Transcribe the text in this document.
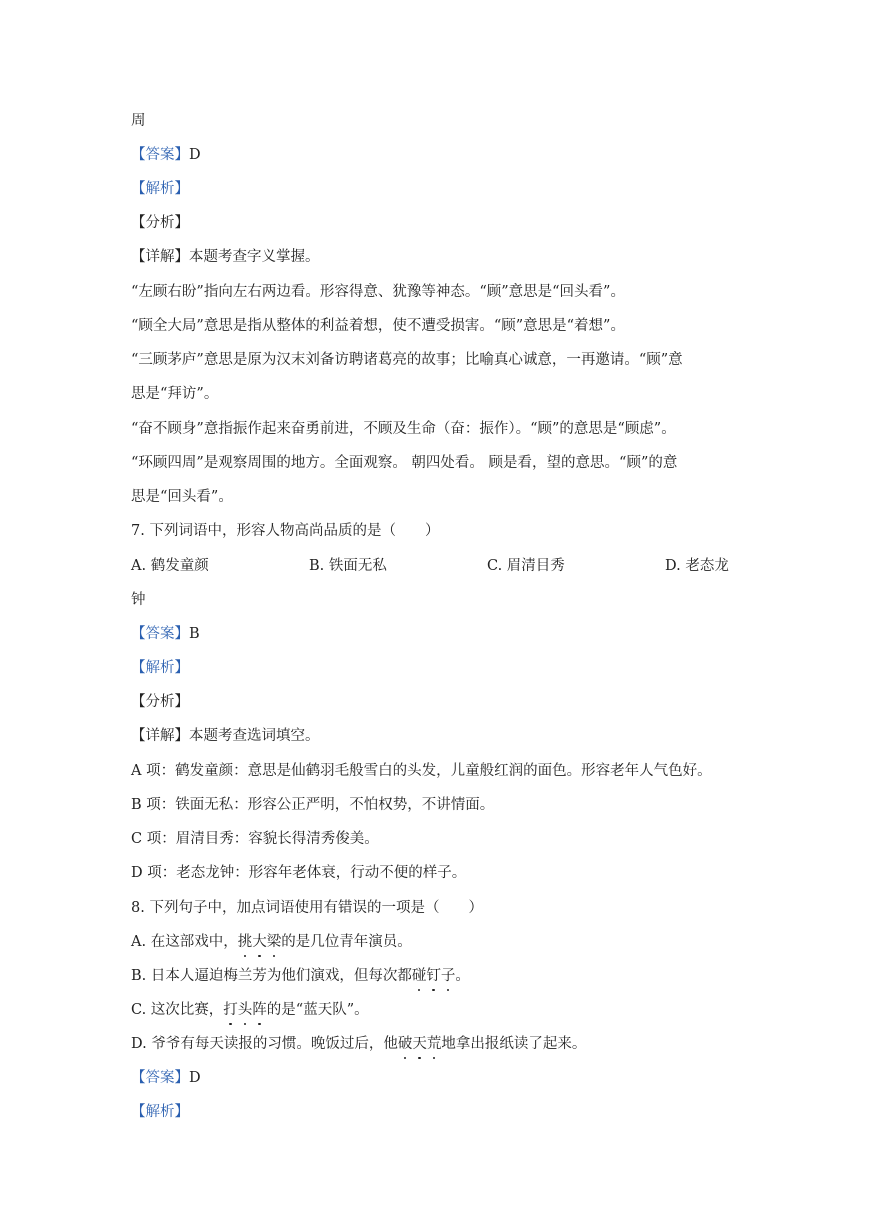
周
【答案】D
【解析】
【分析】
【详解】本题考查字义掌握。
“左顾右盼”指向左右两边看。形容得意、犹豫等神态。“顾”意思是“回头看”。
“顾全大局”意思是指从整体的利益着想，使不遭受损害。“顾”意思是“着想”。
“三顾茅庐”意思是原为汉末刘备访聘诸葛亮的故事；比喻真心诚意，一再邀请。“顾”意
思是“拜访”。
“奋不顾身”意指振作起来奋勇前进，不顾及生命（奋：振作）。“顾”的意思是“顾虑”。
“环顾四周”是观察周围的地方。全面观察。 朝四处看。 顾是看，望的意思。“顾”的意
思是“回头看”。
7. 下列词语中，形容人物高尚品质的是（　　）
A. 鹤发童颜	B. 铁面无私	C. 眉清目秀	D. 老态龙
钟
【答案】B
【解析】
【分析】
【详解】本题考查选词填空。
A 项：鹤发童颜：意思是仙鹤羽毛般雪白的头发，儿童般红润的面色。形容老年人气色好。
B 项：铁面无私：形容公正严明，不怕权势，不讲情面。
C 项：眉清目秀：容貌长得清秀俊美。
D 项：老态龙钟：形容年老体衰，行动不便的样子。
8. 下列句子中，加点词语使用有错误的一项是（　　）
A. 在这部戏中，挑大梁的是几位青年演员。
B. 日本人逼迫梅兰芳为他们演戏，但每次都碰钉子。
C. 这次比赛，打头阵的是“蓝天队”。
D. 爷爷有每天读报的习惯。晚饭过后，他破天荒地拿出报纸读了起来。
【答案】D
【解析】
